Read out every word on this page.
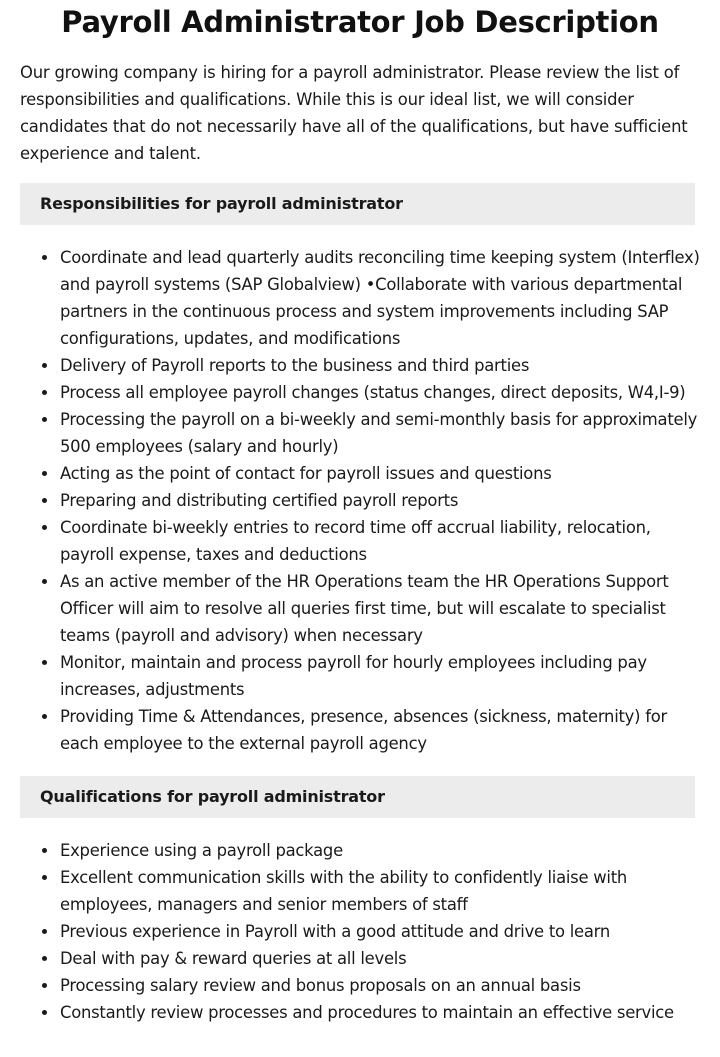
Payroll Administrator Job Description

Our growing company is hiring for a payroll administrator. Please review the list of responsibilities and qualifications. While this is our ideal list, we will consider candidates that do not necessarily have all of the qualifications, but have sufficient experience and talent.

Responsibilities for payroll administrator
Coordinate and lead quarterly audits reconciling time keeping system (Interflex) and payroll systems (SAP Globalview) •Collaborate with various departmental partners in the continuous process and system improvements including SAP configurations, updates, and modifications
Delivery of Payroll reports to the business and third parties
Process all employee payroll changes (status changes, direct deposits, W4,I-9)
Processing the payroll on a bi-weekly and semi-monthly basis for approximately 500 employees (salary and hourly)
Acting as the point of contact for payroll issues and questions
Preparing and distributing certified payroll reports
Coordinate bi-weekly entries to record time off accrual liability, relocation, payroll expense, taxes and deductions
As an active member of the HR Operations team the HR Operations Support Officer will aim to resolve all queries first time, but will escalate to specialist teams (payroll and advisory) when necessary
Monitor, maintain and process payroll for hourly employees including pay increases, adjustments
Providing Time & Attendances, presence, absences (sickness, maternity) for each employee to the external payroll agency
Qualifications for payroll administrator
Experience using a payroll package
Excellent communication skills with the ability to confidently liaise with employees, managers and senior members of staff
Previous experience in Payroll with a good attitude and drive to learn
Deal with pay & reward queries at all levels
Processing salary review and bonus proposals on an annual basis
Constantly review processes and procedures to maintain an effective service
